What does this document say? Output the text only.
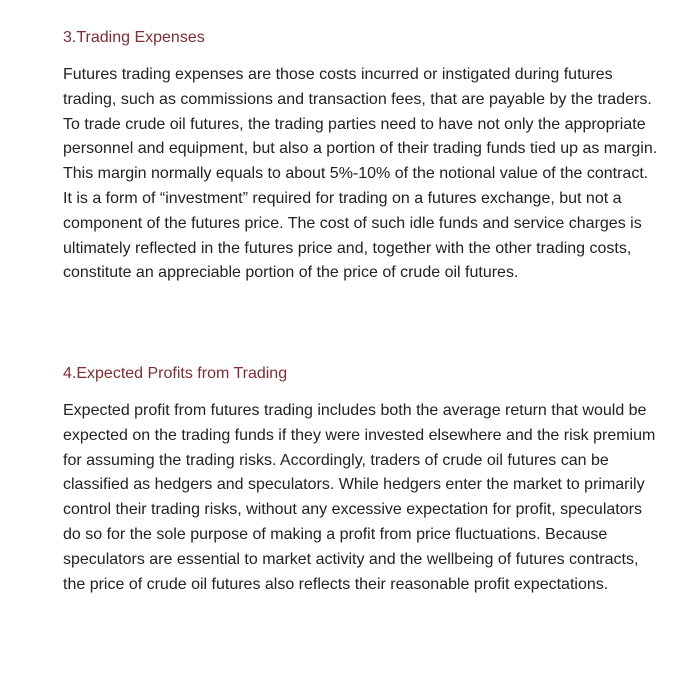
3.Trading Expenses

Futures trading expenses are those costs incurred or instigated during futures trading, such as commissions and transaction fees, that are payable by the traders. To trade crude oil futures, the trading parties need to have not only the appropriate personnel and equipment, but also a portion of their trading funds tied up as margin. This margin normally equals to about 5%-10% of the notional value of the contract. It is a form of “investment” required for trading on a futures exchange, but not a component of the futures price. The cost of such idle funds and service charges is ultimately reflected in the futures price and, together with the other trading costs, constitute an appreciable portion of the price of crude oil futures.

4.Expected Profits from Trading

Expected profit from futures trading includes both the average return that would be expected on the trading funds if they were invested elsewhere and the risk premium for assuming the trading risks. Accordingly, traders of crude oil futures can be classified as hedgers and speculators. While hedgers enter the market to primarily control their trading risks, without any excessive expectation for profit, speculators do so for the sole purpose of making a profit from price fluctuations. Because speculators are essential to market activity and the wellbeing of futures contracts, the price of crude oil futures also reflects their reasonable profit expectations.
